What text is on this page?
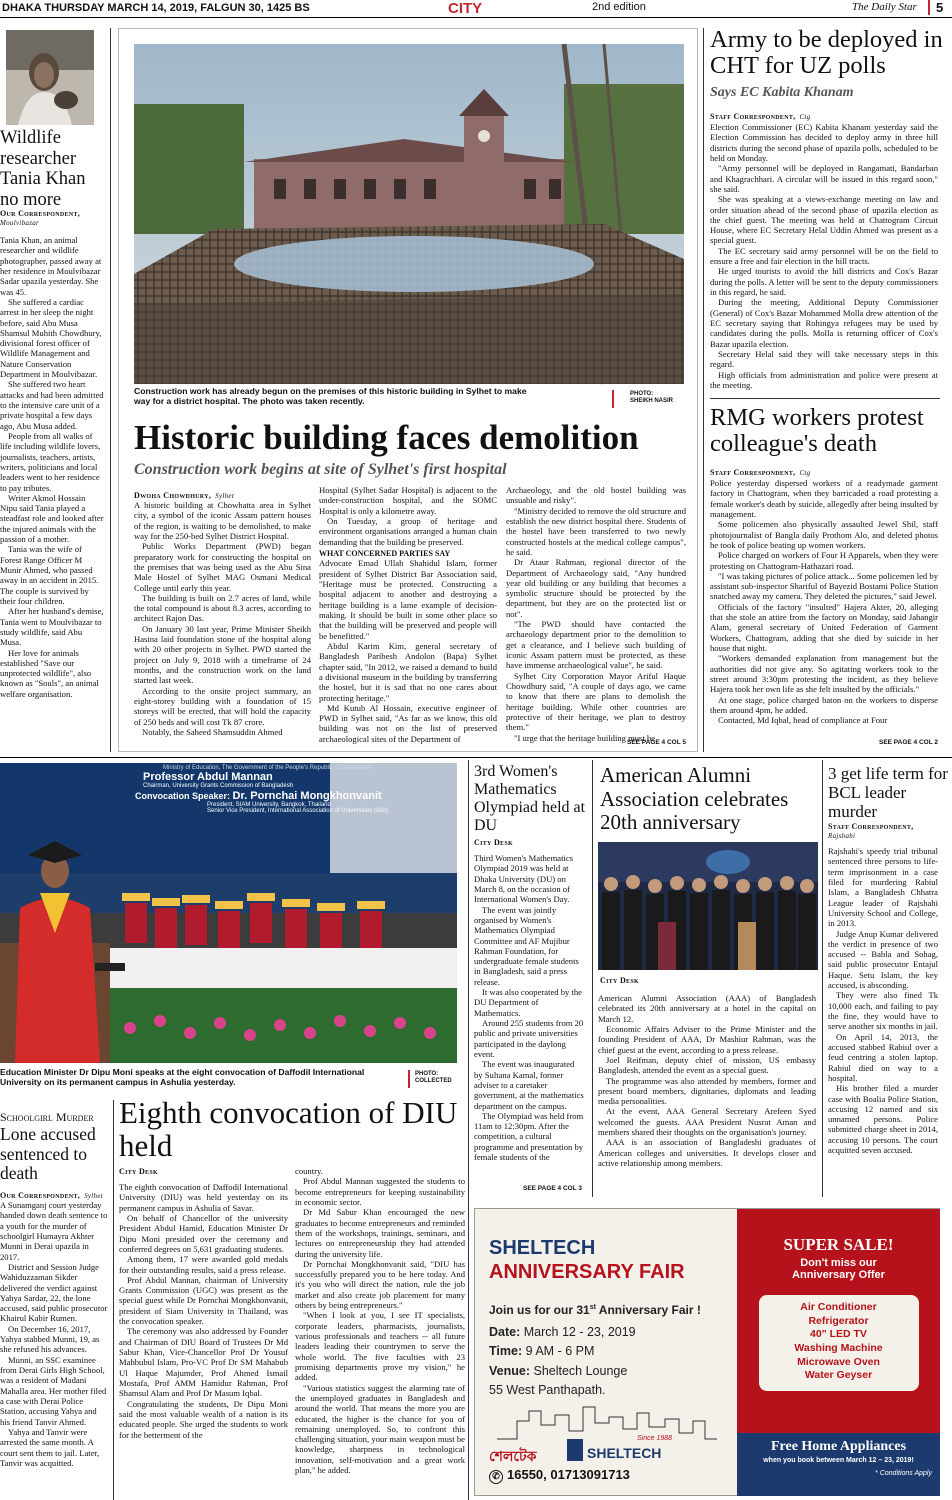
DHAKA THURSDAY MARCH 14, 2019, FALGUN 30, 1425 BS	CITY	2nd edition	The Daily Star	5
Wildlife researcher Tania Khan no more
Our Correspondent,
Moulvibazar

Tania Khan, an animal researcher and wildlife photographer, passed away at her residence in Moulvibazar Sadar upazila yesterday. She was 45.

She suffered a cardiac arrest in her sleep the night before, said Abu Musa Shamsul Muhith Chowdhury, divisional forest officer of Wildlife Management and Nature Conservation Department in Moulvibazar.

She suffered two heart attacks and had been admitted to the intensive care unit of a private hospital a few days ago, Abu Musa added.

People from all walks of life including wildlife lovers, journalists, teachers, artists, writers, politicians and local leaders went to her residence to pay tributes.

Writer Akmol Hossain Nipu said Tania played a steadfast role and looked after the injured animals with the passion of a mother.

Tania was the wife of Forest Range Officer M Munir Ahmed, who passed away in an accident in 2015. The couple is survived by their four children.

After her husband's demise, Tania went to Moulvibazar to study wildlife, said Abu Musa.

Her love for animals established "Save our unprotected wildlife", also known as "Souls", an animal welfare organisation.

Construction work has already begun on the premises of this historic building in Sylhet to make way for a district hospital. The photo was taken recently.
PHOTO:
SHEIKH NASIR
Historic building faces demolition
Construction work begins at site of Sylhet's first hospital
Dwoha Chowdhury, Sylhet

A historic building at Chowhatta area in Sylhet city, a symbol of the iconic Assam pattern houses of the region, is waiting to be demolished, to make way for the 250-bed Sylhet District Hospital.

Public Works Department (PWD) began preparatory work for constructing the hospital on the premises that was being used as the Abu Sina Male Hostel of Sylhet MAG Osmani Medical College until early this year.

The building is built on 2.7 acres of land, while the total compound is about 8.3 acres, according to architect Rajon Das.

On January 30 last year, Prime Minister Sheikh Hasina laid foundation stone of the hospital along with 20 other projects in Sylhet. PWD started the project on July 9, 2018 with a timeframe of 24 months, and the construction work on the land started last week.

According to the onsite project summary, an eight-storey building with a foundation of 15 storeys will be erected, that will hold the capacity of 250 beds and will cost Tk 87 crore.

Notably, the Saheed Shamsuddin Ahmed

Hospital (Sylhet Sadar Hospital) is adjacent to the under-construction hospital, and the SOMC Hospital is only a kilometre away.

On Tuesday, a group of heritage and environment organisations arranged a human chain demanding that the building be preserved.

WHAT CONCERNED PARTIES SAY

Advocate Emad Ullah Shahidul Islam, former president of Sylhet District Bar Association said, "Heritage must be protected. Constructing a hospital adjacent to another and destroying a heritage building is a lame example of decision-making. It should be built in some other place so that the building will be preserved and people will be benefitted."

Abdul Karim Kim, general secretary of Bangladesh Paribesh Andolon (Bapa) Sylhet chapter said, "In 2012, we raised a demand to build a divisional museum in the building by transferring the hostel, but it is sad that no one cares about protecting heritage."

Md Kutub Al Hossain, executive engineer of PWD in Sylhet said, "As far as we know, this old building was not on the list of preserved archaeological sites of the Department of

Archaeology, and the old hostel building was unsuable and risky".

"Ministry decided to remove the old structure and establish the new district hospital there. Students of the hostel have been transferred to two newly constructed hostels at the medical college campus", he said.

Dr Ataur Rahman, regional director of the Department of Archaeology said, "Any hundred year old building or any building that becomes a symbolic structure should be protected by the department, but they are on the protected list or not".

"The PWD should have contacted the archaeology department prior to the demolition to get a clearance, and I believe such building of iconic Assam pattern must be protected, as these have immense archaeological value", he said.

Sylhet City Corporation Mayor Ariful Haque Chowdhury said, "A couple of days ago, we came to know that there are plans to demolish the heritage building. While other countries are protective of their heritage, we plan to destroy them."

"I urge that the heritage building must be

SEE PAGE 4 COL 5
Army to be deployed in CHT for UZ polls
Says EC Kabita Khanam
Staff Correspondent, Ctg

Election Commissioner (EC) Kabita Khanam yesterday said the Election Commission has decided to deploy army in three hill districts during the second phase of upazila polls, scheduled to be held on Monday.

"Army personnel will be deployed in Rangamati, Bandarban and Khagrachhari. A circular will be issued in this regard soon," she said.

She was speaking at a views-exchange meeting on law and order situation ahead of the second phase of upazila election as the chief guest. The meeting was held at Chattogram Circuit House, where EC Secretary Helal Uddin Ahmed was present as a special guest.

The EC secretary said army personnel will be on the field to ensure a free and fair election in the hill tracts.

He urged tourists to avoid the hill districts and Cox's Bazar during the polls. A letter will be sent to the deputy commissioners in this regard, he said.

During the meeting, Additional Deputy Commissioner (General) of Cox's Bazar Mohammed Molla drew attention of the EC secretary saying that Rohingya refugees may be used by candidates during the polls. Molla is returning officer of Cox's Bazar upazila election.

Secretary Helal said they will take necessary steps in this regard.

High officials from administration and police were present at the meeting.

RMG workers protest colleague's death
Staff Correspondent, Ctg

Police yesterday dispersed workers of a readymade garment factory in Chattogram, when they barricaded a road protesting a female worker's death by suicide, allegedly after being insulted by management.

Some policemen also physically assaulted Jewel Shil, staff photojournalist of Bangla daily Prothom Alo, and deleted photos he took of police beating up women workers.

Police charged on workers of Four H Apparels, when they were protesting on Chattogram-Hathazari road.

"I was taking pictures of police attack... Some policemen led by assistant sub-inspector Shariful of Bayezid Bostami Police Station snatched away my camera. They deleted the pictures," said Jewel.

Officials of the factory "insulted" Hajera Akter, 20, alleging that she stole an attire from the factory on Monday, said Jahangir Alam, general secretary of United Federation of Garment Workers, Chattogram, adding that she died by suicide in her house that night.

"Workers demanded explanation from management but the authorities did not give any. So agitating workers took to the street around 3:30pm protesting the incident, as they believe Hajera took her own life as she felt insulted by the officials."

At one stage, police charged baton on the workers to disperse them around 4pm, he added.

Contacted, Md Iqbal, head of compliance at Four

SEE PAGE 4 COL 2
Ministry of Education, The Government of the People's Republic of Bangladesh
Professor Abdul Mannan
Chairman, University Grants Commission of Bangladesh
Convocation Speaker: Dr. Pornchai Mongkhonvanit
President, SIAM University, Bangkok, Thailand
Senior Vice President, International Association of Universities (IAU)
Education Minister Dr Dipu Moni speaks at the eight convocation of Daffodil International University on its permanent campus in Ashulia yesterday.
PHOTO:
COLLECTED
Schoolgirl Murder
Lone accused sentenced to death
Our Correspondent, Sylhet

A Sunamganj court yesterday handed down death sentence to a youth for the murder of schoolgirl Humayra Akhter Munni in Derai upazila in 2017.

District and Session Judge Wahiduzzaman Sikder delivered the verdict against Yahya Sardar, 22, the lone accused, said public prosecutor Khairul Kabir Rumen.

On December 16, 2017, Yahya stabbed Munni, 19, as she refused his advances.

Munni, an SSC examinee from Derai Girls High School, was a resident of Madani Mahalla area. Her mother filed a case with Derai Police Station, accusing Yahya and his friend Tanvir Ahmed.

Yahya and Tanvir were arrested the same month. A court sent them to jail. Later, Tanvir was acquitted.

Eighth convocation of DIU held
City Desk

The eighth convocation of Daffodil International University (DIU) was held yesterday on its permanent campus in Ashulia of Savar.

On behalf of Chancellor of the university President Abdul Hamid, Education Minister Dr Dipu Moni presided over the ceremony and conferred degrees on 5,631 graduating students.

Among them, 17 were awarded gold medals for their outstanding results, said a press release.

Prof Abdul Mannan, chairman of University Grants Commission (UGC) was present as the special guest while Dr Pornchai Mongkhonvanit, president of Siam University in Thailand, was the convocation speaker.

The ceremony was also addressed by Founder and Chairman of DIU Board of Trustees Dr Md Sabur Khan, Vice-Chancellor Prof Dr Yousuf Mahbubul Islam, Pro-VC Prof Dr SM Mahabub Ul Haque Majumder, Prof Ahmed Ismail Mostafa, Prof AMM Hamidur Rahman, Prof Shamsul Alam and Prof Dr Masum Iqbal.

Congratulating the students, Dr Dipu Moni said the most valuable wealth of a nation is its educated people. She urged the students to work for the betterment of the

country.

Prof Abdul Mannan suggested the students to become entrepreneurs for keeping sustainability in economic sector.

Dr Md Sabur Khan encouraged the new graduates to become entrepreneurs and reminded them of the workshops, trainings, seminars, and lectures on entrepreneurship they had attended during the university life.

Dr Pornchai Mongkhonvanit said, "DIU has successfully prepared you to be here today. And it's you who will direct the nation, rule the job market and also create job placement for many others by being entrepreneurs."

"When I look at you, I see IT specialists, corporate leaders, pharmacists, journalists, various professionals and teachers -- all future leaders leading their countrymen to serve the whole world. The five faculties with 23 promising departments prove my vision," he added.

"Various statistics suggest the alarming rate of the unemployed graduates in Bangladesh and around the world. That means the more you are educated, the higher is the chance for you of remaining unemployed. So, to confront this challenging situation, your main weapon must be knowledge, sharpness in technological innovation, self-motivation and a great work plan," he added.

3rd Women's Mathematics Olympiad held at DU
City Desk

Third Women's Mathematics Olympiad 2019 was held at Dhaka University (DU) on March 8, on the occasion of International Women's Day.

The event was jointly organised by Women's Mathematics Olympiad Committee and AF Mujibur Rahman Foundation, for undergraduate female students in Bangladesh, said a press release.

It was also cooperated by the DU Department of Mathematics.

Around 255 students from 20 public and private universities participated in the daylong event.

The event was inaugurated by Sultana Kamal, former adviser to a caretaker government, at the mathematics department on the campus.

The Olympiad was held from 11am to 12:30pm. After the competition, a cultural programme and presentation by female students of the

SEE PAGE 4 COL 3
American Alumni Association celebrates 20th anniversary
City Desk

American Alumni Association (AAA) of Bangladesh celebrated its 20th anniversary at a hotel in the capital on March 12.

Economic Affairs Adviser to the Prime Minister and the founding President of AAA, Dr Mashiur Rahman, was the chief guest at the event, according to a press release.

Joel Reifman, deputy chief of mission, US embassy Bangladesh, attended the event as a special guest.

The programme was also attended by members, former and present board members, dignitaries, diplomats and leading media personalities.

At the event, AAA General Secretary Arefeen Syed welcomed the guests. AAA President Nusrat Aman and members shared their thoughts on the organisation's journey.

AAA is an association of Bangladeshi graduates of American colleges and universities. It develops closer and active relationship among members.

3 get life term for BCL leader murder
Staff Correspondent,
Rajshahi

Rajshahi's speedy trial tribunal sentenced three persons to life-term imprisonment in a case filed for murdering Rabiul Islam, a Bangladesh Chhatra League leader of Rajshahi University School and College, in 2013.

Judge Anup Kumar delivered the verdict in presence of two accused -- Babla and Sohag, said public prosecutor Entajul Haque. Setu Islam, the key accused, is absconding.

They were also fined Tk 10,000 each, and failing to pay the fine, they would have to serve another six months in jail.

On April 14, 2013, the accused stabbed Rabiul over a feud centring a stolen laptop. Rabiul died on way to a hospital.

His brother filed a murder case with Boalia Police Station, accusing 12 named and six unnamed persons. Police submitted charge sheet in 2014, accusing 10 persons. The court acquitted seven accused.

SHELTECH
ANNIVERSARY FAIR
Join us for our 31st Anniversary Fair !
Date: March 12 - 23, 2019
Time: 9 AM - 6 PM
Venue: Sheltech Lounge
55 West Panthapath.
শেলটেক	SHELTECH
Since 1988
✆ 16550, 01713091713
SUPER SALE!
Don't miss our
Anniversary Offer
Air Conditioner
Refrigerator
40" LED TV
Washing Machine
Microwave Oven
Water Geyser
Free Home Appliances
when you book between March 12 – 23, 2019!
* Conditions Apply
